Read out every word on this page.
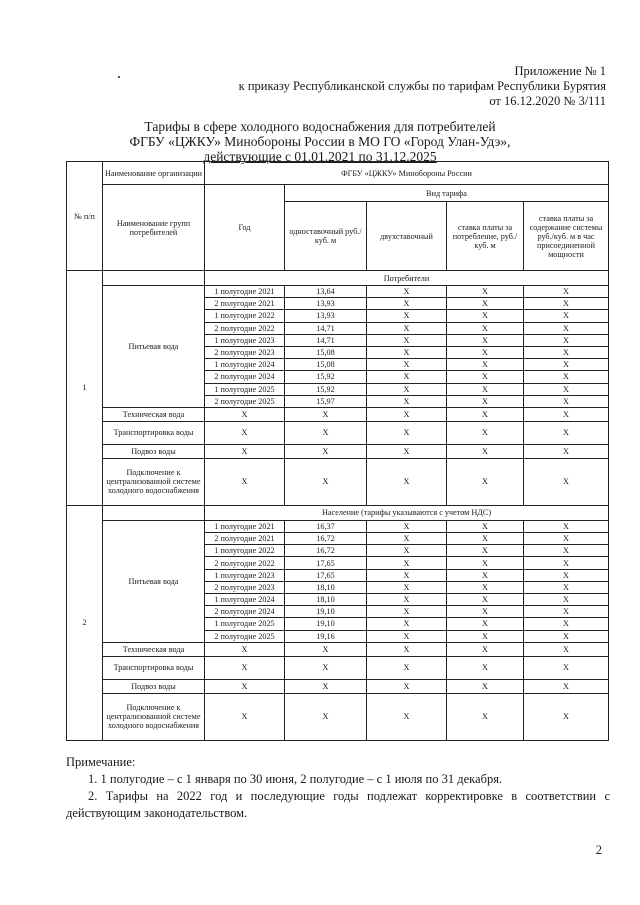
Приложение № 1
к приказу Республиканской службы по тарифам Республики Бурятия
от 16.12.2020 № 3/111
Тарифы в сфере холодного водоснабжения для потребителей
ФГБУ «ЦЖКУ» Минобороны России в МО ГО «Город Улан-Удэ»,
действующие с 01.01.2021 по 31.12.2025
№ п/п	Наименование организации	ФГБУ «ЦЖКУ» Минобороны России				
	Наименование групп потребителей	Год	Вид тарифа			
			одноставочный руб./ куб. м	двухставочный	ставка платы за потребление, руб./ куб. м	ставка платы за содержание системы руб./куб. м в час присоединенной мощности
1		Потребители				
	Питьевая вода	1 полугодие 2021	13,64	X	X	X
		2 полугодие 2021	13,93	X	X	X
		1 полугодие 2022	13,93	X	X	X
		2 полугодие 2022	14,71	X	X	X
		1 полугодие 2023	14,71	X	X	X
		2 полугодие 2023	15,08	X	X	X
		1 полугодие 2024	15,08	X	X	X
		2 полугодие 2024	15,92	X	X	X
		1 полугодие 2025	15,92	X	X	X
		2 полугодие 2025	15,97	X	X	X
	Техническая вода	X	X	X	X	X
	Транспортировка воды	X	X	X	X	X
	Подвоз воды	X	X	X	X	X
	Подключение к централизованной системе холодного водоснабжения	X	X	X	X	X
2		Население (тарифы указываются с учетом НДС)				
	Питьевая вода	1 полугодие 2021	16,37	X	X	X
		2 полугодие 2021	16,72	X	X	X
		1 полугодие 2022	16,72	X	X	X
		2 полугодие 2022	17,65	X	X	X
		1 полугодие 2023	17,65	X	X	X
		2 полугодие 2023	18,10	X	X	X
		1 полугодие 2024	18,10	X	X	X
		2 полугодие 2024	19,10	X	X	X
		1 полугодие 2025	19,10	X	X	X
		2 полугодие 2025	19,16	X	X	X
	Техническая вода	X	X	X	X	X
	Транспортировка воды	X	X	X	X	X
	Подвоз воды	X	X	X	X	X
	Подключение к централизованной системе холодного водоснабжения	X	X	X	X	X

Примечание:

1. 1 полугодие – с 1 января по 30 июня, 2 полугодие – с 1 июля по 31 декабря.

2. Тарифы на 2022 год и последующие годы подлежат корректировке в соответствии с действующим законодательством.

2
